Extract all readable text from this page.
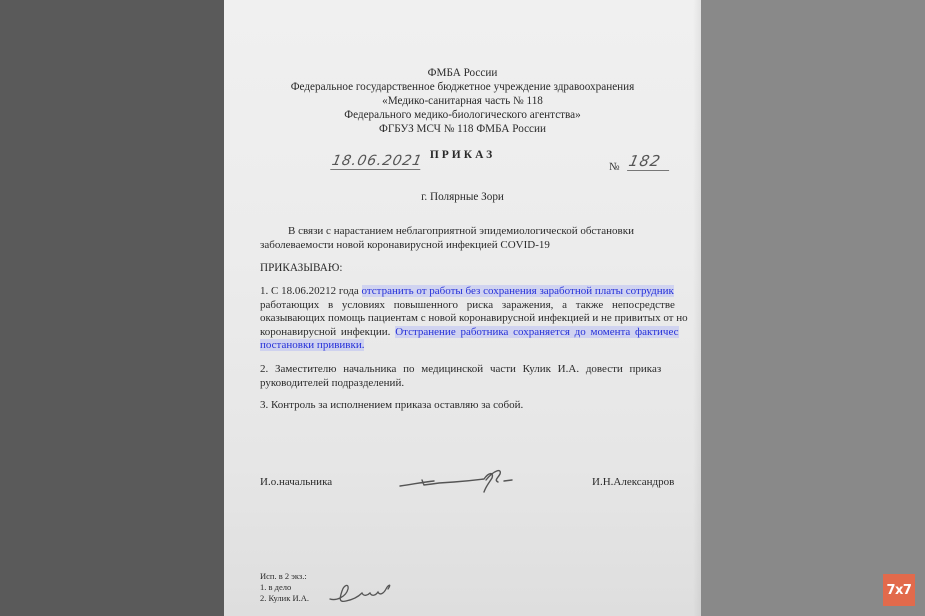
ФМБА России
Федеральное государственное бюджетное учреждение здравоохранения
«Медико-санитарная часть № 118
Федерального медико-биологического агентства»
ФГБУЗ МСЧ № 118 ФМБА России
ПРИКАЗ
18.06.2021	№ 182
г. Полярные Зори
В связи с нарастанием неблагоприятной эпидемиологической обстановки
заболеваемости новой коронавирусной инфекцией COVID-19
ПРИКАЗЫВАЮ:
1. С 18.06.20212 года отстранить от работы без сохранения заработной платы сотрудник
работающих в условиях повышенного риска заражения, а также непосредстве
оказывающих помощь пациентам с новой коронавирусной инфекцией и не привитых от но
коронавирусной инфекции. Отстранение работника сохраняется до момента фактичес
постановки прививки.
2. Заместителю начальника по медицинской части Кулик И.А. довести приказ
руководителей подразделений.
3. Контроль за исполнением приказа оставляю за собой.
И.о.начальника	И.Н.Александров
Исп. в 2 экз.:
1. в дело
2. Кулик И.А.
7x7
